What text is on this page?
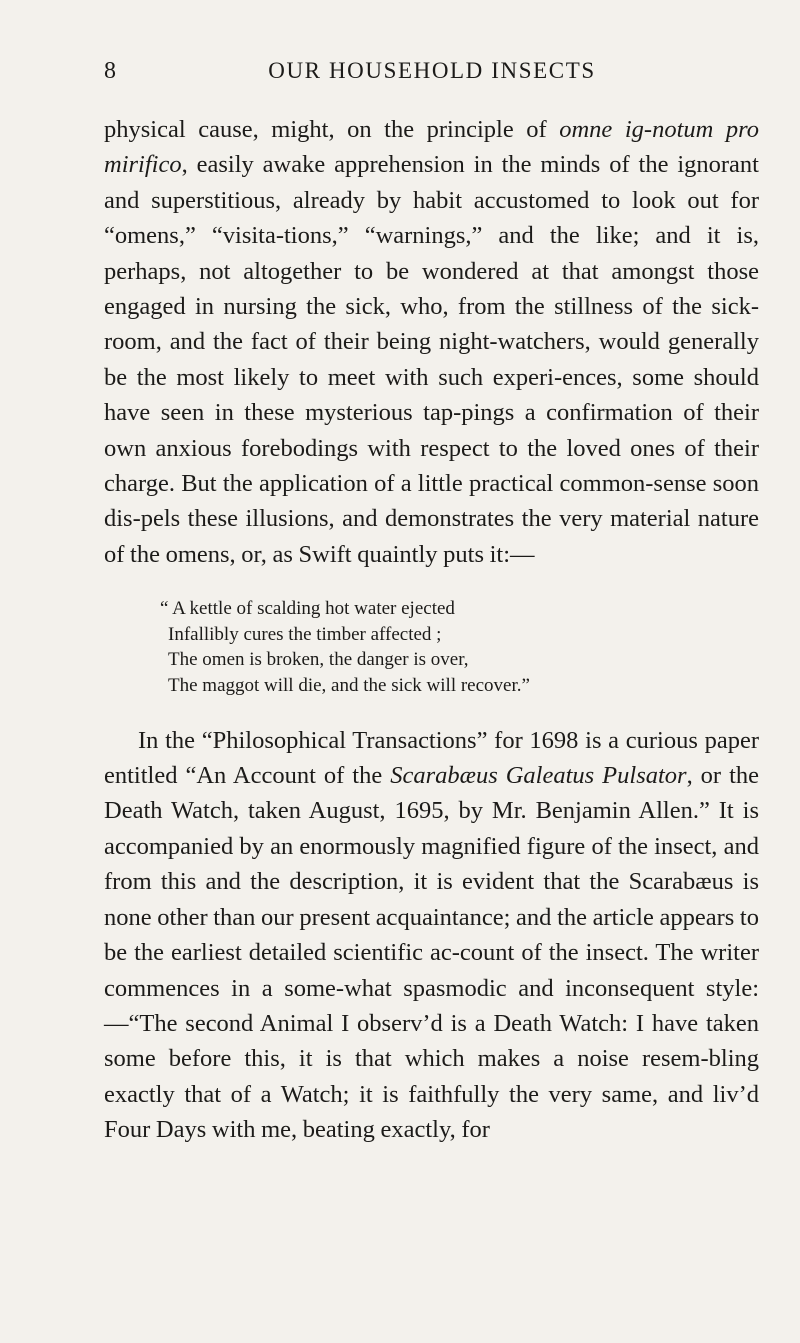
8	OUR HOUSEHOLD INSECTS

physical cause, might, on the principle of omne ig-notum pro mirifico, easily awake apprehension in the minds of the ignorant and superstitious, already by habit accustomed to look out for “omens,” “visita-tions,” “warnings,” and the like; and it is, perhaps, not altogether to be wondered at that amongst those engaged in nursing the sick, who, from the stillness of the sick-room, and the fact of their being night-watchers, would generally be the most likely to meet with such experi-ences, some should have seen in these mysterious tap-pings a confirmation of their own anxious forebodings with respect to the loved ones of their charge. But the application of a little practical common-sense soon dis-pels these illusions, and demonstrates the very material nature of the omens, or, as Swift quaintly puts it:—

“ A kettle of scalding hot water ejected
Infallibly cures the timber affected ;
The omen is broken, the danger is over,
The maggot will die, and the sick will recover.”

In the “Philosophical Transactions” for 1698 is a curious paper entitled “An Account of the Scarabæus Galeatus Pulsator, or the Death Watch, taken August, 1695, by Mr. Benjamin Allen.” It is accompanied by an enormously magnified figure of the insect, and from this and the description, it is evident that the Scarabæus is none other than our present acquaintance; and the article appears to be the earliest detailed scientific ac-count of the insect. The writer commences in a some-what spasmodic and inconsequent style:—“The second Animal I observ’d is a Death Watch: I have taken some before this, it is that which makes a noise resem-bling exactly that of a Watch; it is faithfully the very same, and liv’d Four Days with me, beating exactly, for
